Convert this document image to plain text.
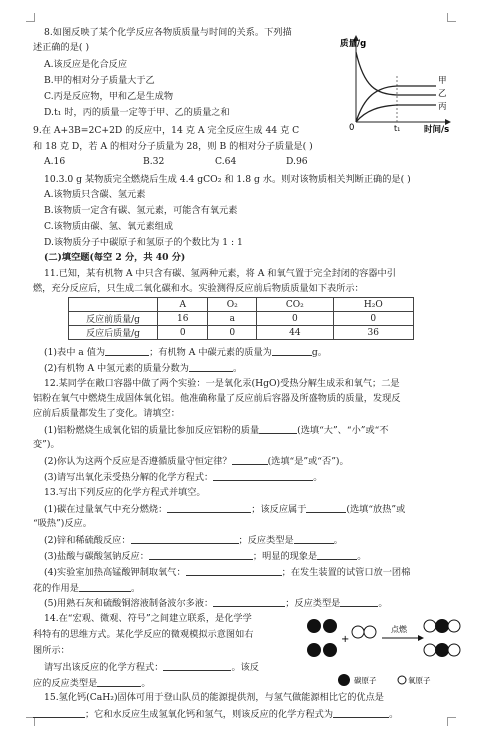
8.如图反映了某个化学反应各物质质量与时间的关系。下列描
述正确的是( )
A.该反应是化合反应
B.甲的相对分子质量大于乙
C.丙是反应物，甲和乙是生成物
D.t₁ 时，丙的质量一定等于甲、乙的质量之和
质量/g
0	t₁	时间/s
甲
乙
丙
9.在 A+3B=2C+2D 的反应中，14 克 A 完全反应生成 44 克 C
和 18 克 D，若 A 的相对分子质量为 28，则 B 的相对分子质量是( )
A.16	B.32	C.64	D.96
10.3.0 g 某物质完全燃烧后生成 4.4 gCO₂ 和 1.8 g 水。则对该物质相关判断正确的是( )
A.该物质只含碳、氢元素
B.该物质一定含有碳、氢元素，可能含有氧元素
C.该物质由碳、氢、氧元素组成
D.该物质分子中碳原子和氢原子的个数比为 1 : 1
(二)填空题(每空 2 分，共 40 分)
11.已知，某有机物 A 中只含有碳、氢两种元素，将 A 和氧气置于完全封闭的容器中引
燃，充分反应后，只生成二氧化碳和水。实验测得反应前后物质质量如下表所示：
	A	O₂	CO₂	H₂O
反应前质量/g	16	a	0	0
反应后质量/g	0	0	44	36
(1)表中 a 值为	；有机物 A 中碳元素的质量为	g。
(2)有机物 A 中氢元素的质量分数为	。
12.某同学在敞口容器中做了两个实验：一是氧化汞(HgO)受热分解生成汞和氧气；二是
铝粉在氧气中燃烧生成固体氧化铝。他准确称量了反应前后容器及所盛物质的质量，发现反
应前后质量都发生了变化。请填空：
(1)铝粉燃烧生成氧化铝的质量比参加反应铝粉的质量	(选填“大”、“小”或“不
变”)。
(2)你认为这两个反应是否遵循质量守恒定律？	(选填“是”或“否”)。
(3)请写出氧化汞受热分解的化学方程式：	。
13.写出下列反应的化学方程式并填空。
(1)碳在过量氧气中充分燃烧：	；该反应属于	(选填“放热”或
“吸热”)反应。
(2)锌和稀硫酸反应：	；反应类型是	。
(3)盐酸与碳酸氢钠反应：	；明显的现象是	。
(4)实验室加热高锰酸钾制取氧气：	；在发生装置的试管口放一团棉
花的作用是	。
(5)用熟石灰和硫酸铜溶液制备波尔多液：	；反应类型是	。
14.在“宏观、微观、符号”之间建立联系，是化学学
科特有的思维方式。某化学反应的微观模拟示意图如右
图所示：
请写出该反应的化学方程式：	。该反
应的反应类型是	。
+
点燃
碳原子	氧原子
15.氢化钙(CaH₂)固体可用于登山队员的能源提供剂，与氢气做能源相比它的优点是
；它和水反应生成氢氧化钙和氢气，则该反应的化学方程式为	。
